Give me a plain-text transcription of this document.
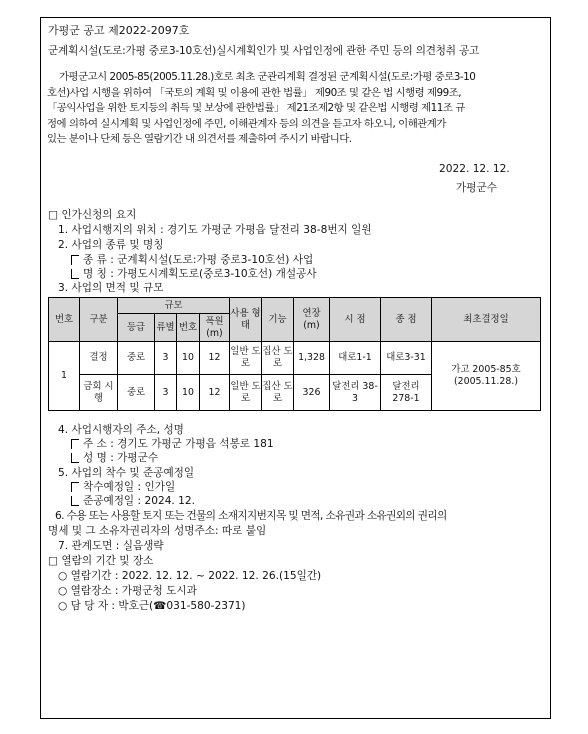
가평군 공고 제2022-2097호
군계획시설(도로:가평 중로3-10호선)실시계획인가 및 사업인정에 관한 주민 등의 의견청취 공고
가평군고시 2005-85(2005.11.28.)호로 최초 군관리계획 결정된 군계획시설(도로:가평 중로3-10
호선)사업 시행을 위하여 「국토의 계획 및 이용에 관한 법률」 제90조 및 같은 법 시행령 제99조,
「공익사업을 위한 토지등의 취득 및 보상에 관한법률」 제21조제2항 및 같은법 시행령 제11조 규
정에 의하여 실시계획 및 사업인정에 주민, 이해관계자 등의 의견을 듣고자 하오니, 이해관계가
있는 분이나 단체 등은 열람기간 내 의견서를 제출하여 주시기 바랍니다.
2022. 12. 12.
가평군수
□ 인가신청의 요지
1. 사업시행지의 위치 : 경기도 가평군 가평읍 달전리 38-8번지 일원
2. 사업의 종류 및 명칭
종 류 : 군계획시설(도로:가평 중로3-10호선) 사업
명 칭 : 가평도시계획도로(중로3-10호선) 개설공사
3. 사업의 면적 및 규모
번호	구분	규모				사용 형태	기능	연장 (m)	시 점	종 점	최초결정일
		등급	류별	번호	폭원 (m)						
1	결정	중로	3	10	12	일반 도로	집산 도로	1,328	대로1-1	대로3-31	가고 2005-85호 (2005.11.28.)
	금회 시행	중로	3	10	12	일반 도로	집산 도로	326	달전리 38-3	달전리 278-1	
4. 사업시행자의 주소, 성명
주 소 : 경기도 가평군 가평읍 석봉로 181
성 명 : 가평군수
5. 사업의 착수 및 준공예정일
착수예정일 : 인가일
준공예정일 : 2024. 12.
6. 수용 또는 사용할 토지 또는 건물의 소재지지번지목 및 면적, 소유권과 소유권외의 권리의
명세 및 그 소유자권리자의 성명주소: 따로 붙임
7. 관계도면 : 실음생략
□ 열람의 기간 및 장소
○ 열람기간 : 2022. 12. 12. ~ 2022. 12. 26.(15일간)
○ 열람장소 : 가평군청 도시과
○ 담 당 자 : 박호근(☎031-580-2371)
